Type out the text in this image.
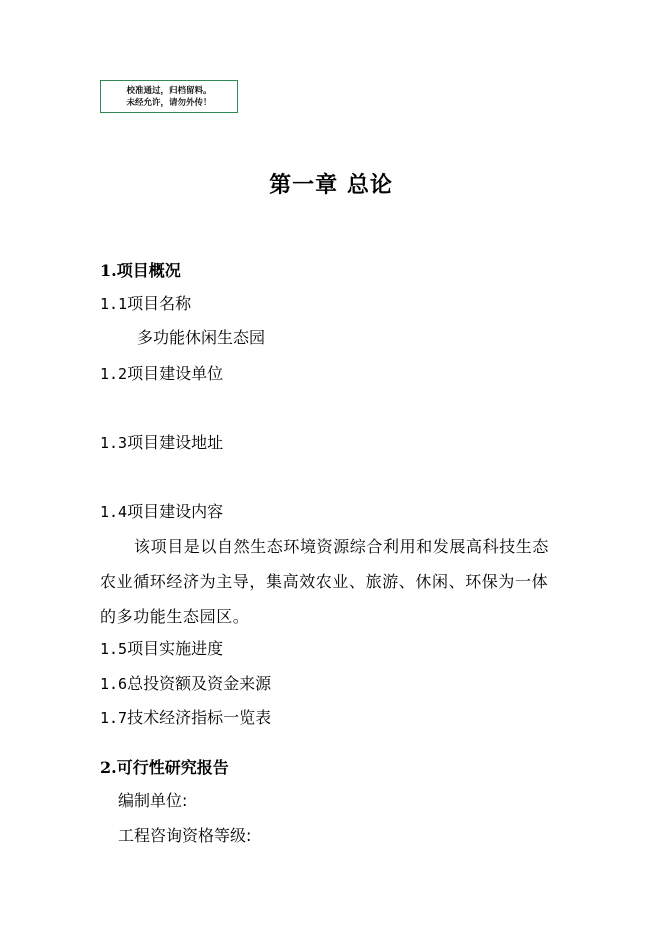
校准通过，归档留料。
未经允许，请勿外传！
第一章 总论
1.项目概况
1.1项目名称
多功能休闲生态园
1.2项目建设单位
1.3项目建设地址
1.4项目建设内容
该项目是以自然生态环境资源综合利用和发展高科技生态农业循环经济为主导，集高效农业、旅游、休闲、环保为一体的多功能生态园区。
1.5项目实施进度
1.6总投资额及资金来源
1.7技术经济指标一览表
2.可行性研究报告
编制单位:
工程咨询资格等级:
